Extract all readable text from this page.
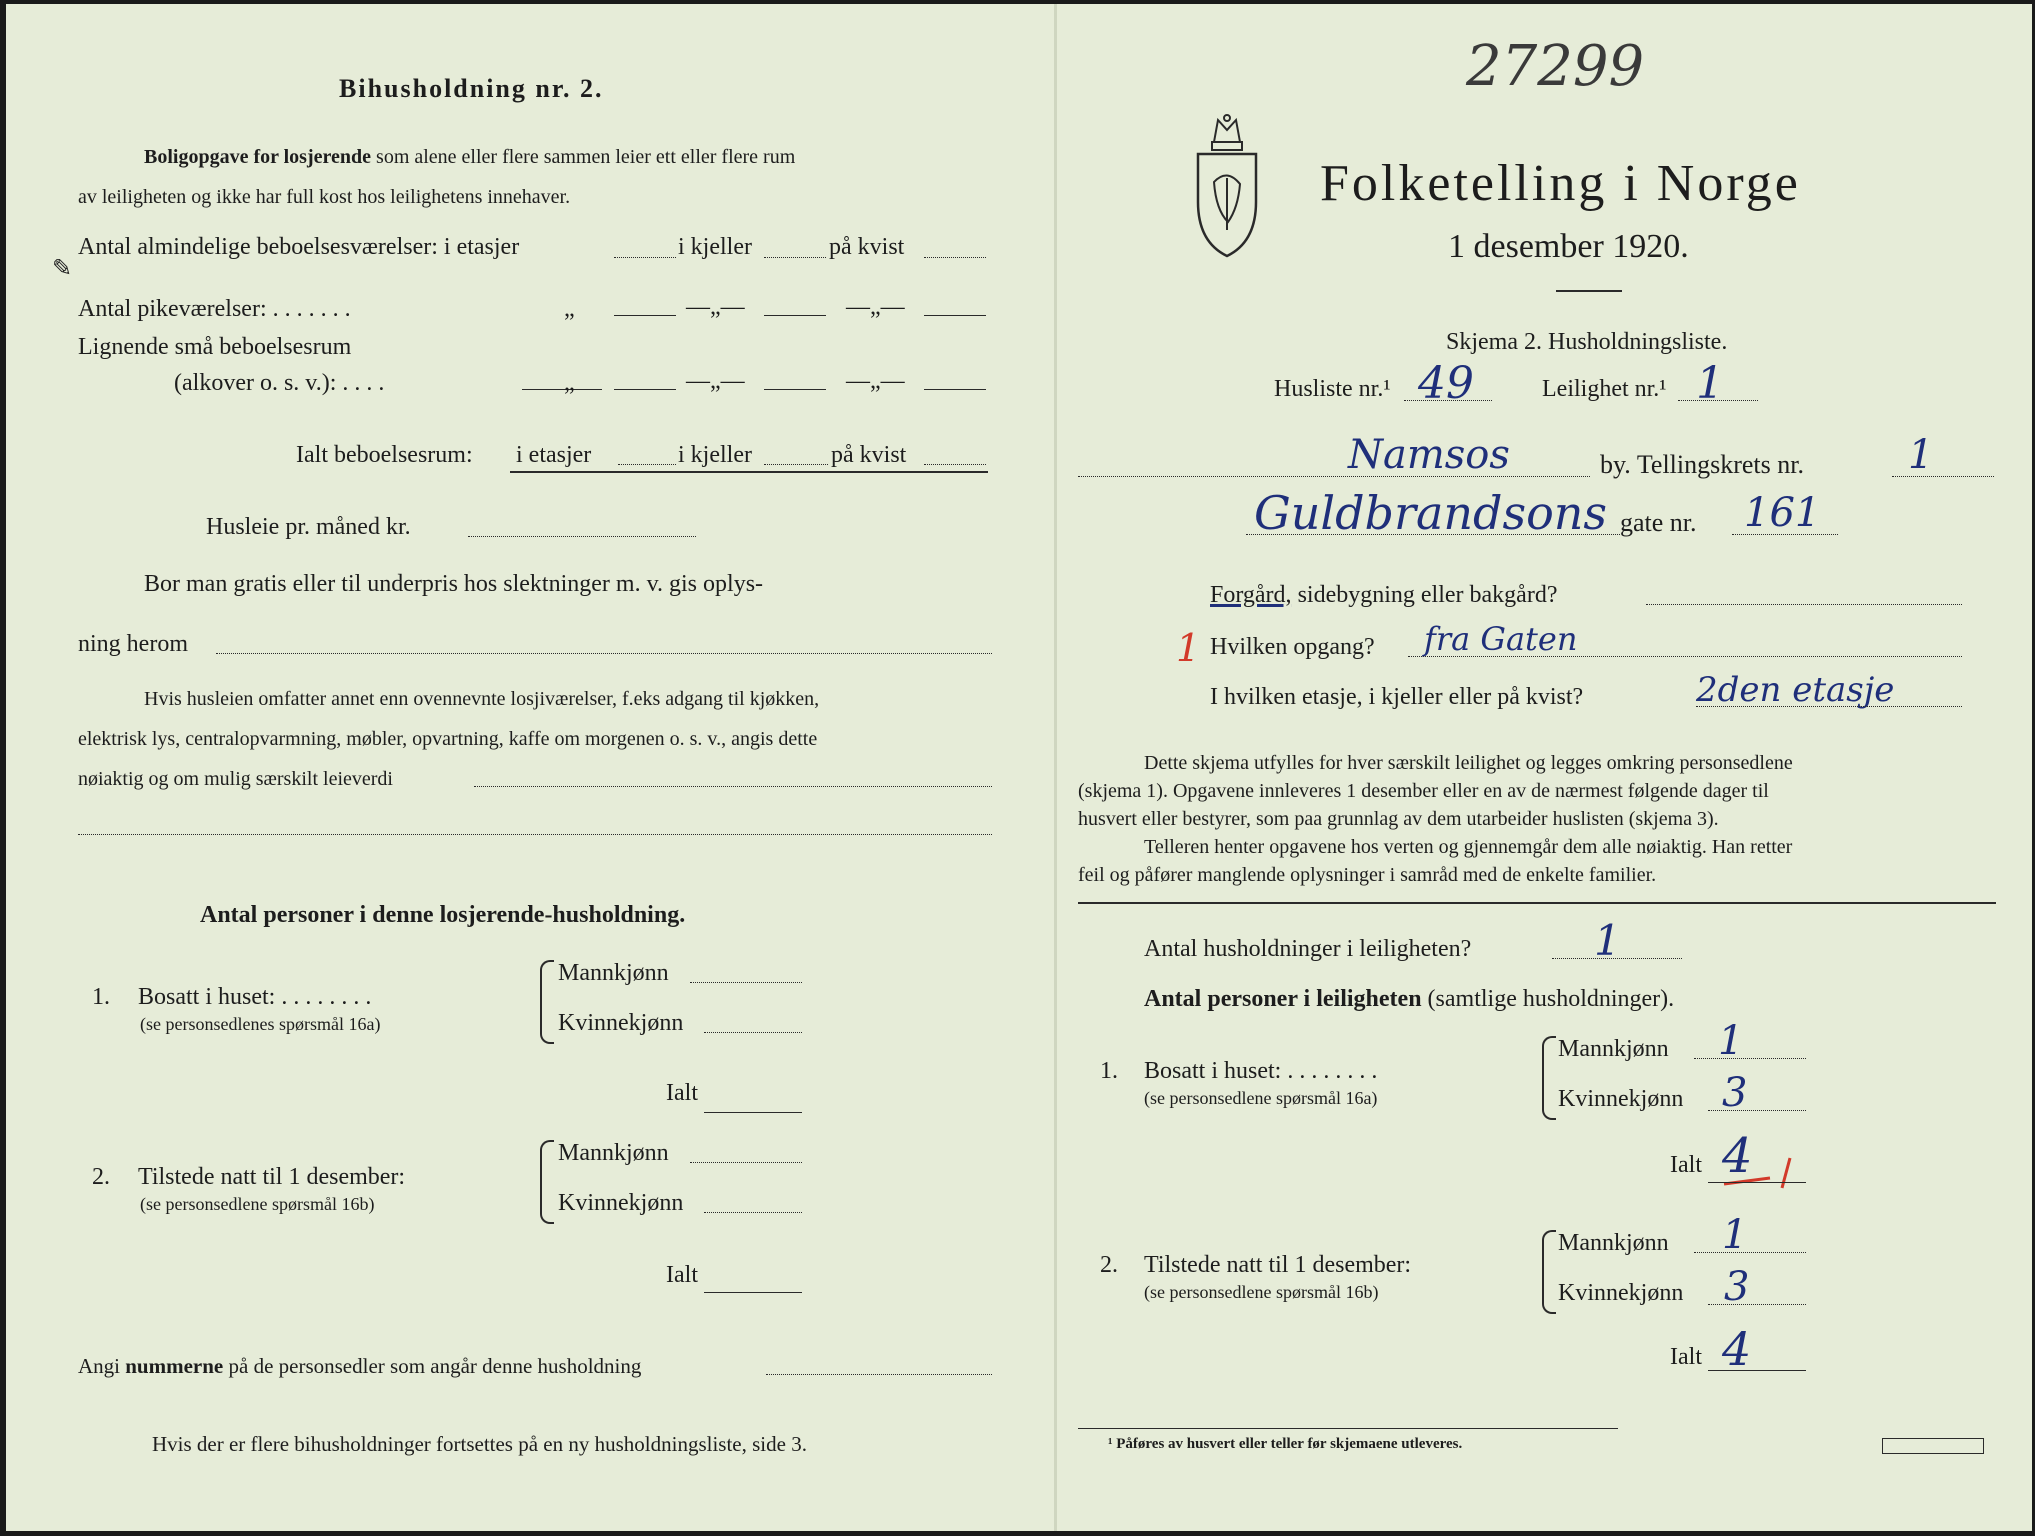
Bihusholdning nr. 2.
Boligopgave for losjerende som alene eller flere sammen leier ett eller flere rum
av leiligheten og ikke har full kost hos leilighetens innehaver.
Antal almindelige beboelsesværelser: i etasjer	i kjeller	på kvist
✎
Antal pikeværelser: . . . . . . .	„	—„—	—„—
Lignende små beboelsesrum
(alkover o. s. v.): . . . .	„	—„—	—„—
Ialt beboelsesrum: i etasjer	i kjeller	på kvist
Husleie pr. måned kr.
Bor man gratis eller til underpris hos slektninger m. v. gis oplys-
ning herom
Hvis husleien omfatter annet enn ovennevnte losjiværelser, f.eks adgang til kjøkken,
elektrisk lys, centralopvarmning, møbler, opvartning, kaffe om morgenen o. s. v., angis dette
nøiaktig og om mulig særskilt leieverdi
Antal personer i denne losjerende-husholdning.
1. Bosatt i huset: . . . . . . . .
(se personsedlenes spørsmål 16a)
Mannkjønn
Kvinnekjønn
Ialt
2. Tilstede natt til 1 desember:
(se personsedlene spørsmål 16b)
Mannkjønn
Kvinnekjønn
Ialt
Angi nummerne på de personsedler som angår denne husholdning
Hvis der er flere bihusholdninger fortsettes på en ny husholdningsliste, side 3.
27299
Folketelling i Norge
1 desember 1920.
Skjema 2. Husholdningsliste.
Husliste nr.¹ 49	Leilighet nr.¹ 1
Namsos	by. Tellingskrets nr.	1
Guldbrandsons gate nr. 161
Forgård, sidebygning eller bakgård?
1 Hvilken opgang? fra Gaten
I hvilken etasje, i kjeller eller på kvist?	2den etasje
Dette skjema utfylles for hver særskilt leilighet og legges omkring personsedlene
(skjema 1). Opgavene innleveres 1 desember eller en av de nærmest følgende dager til
husvert eller bestyrer, som paa grunnlag av dem utarbeider huslisten (skjema 3).
Telleren henter opgavene hos verten og gjennemgår dem alle nøiaktig. Han retter
feil og påfører manglende oplysninger i samråd med de enkelte familier.
Antal husholdninger i leiligheten?	1
Antal personer i leiligheten (samtlige husholdninger).
1. Bosatt i huset: . . . . . . . .
(se personsedlene spørsmål 16a)
Mannkjønn 1
Kvinnekjønn 3
Ialt 4
2. Tilstede natt til 1 desember:
(se personsedlene spørsmål 16b)
Mannkjønn 1
Kvinnekjønn 3
Ialt 4
¹ Påføres av husvert eller teller før skjemaene utleveres.
